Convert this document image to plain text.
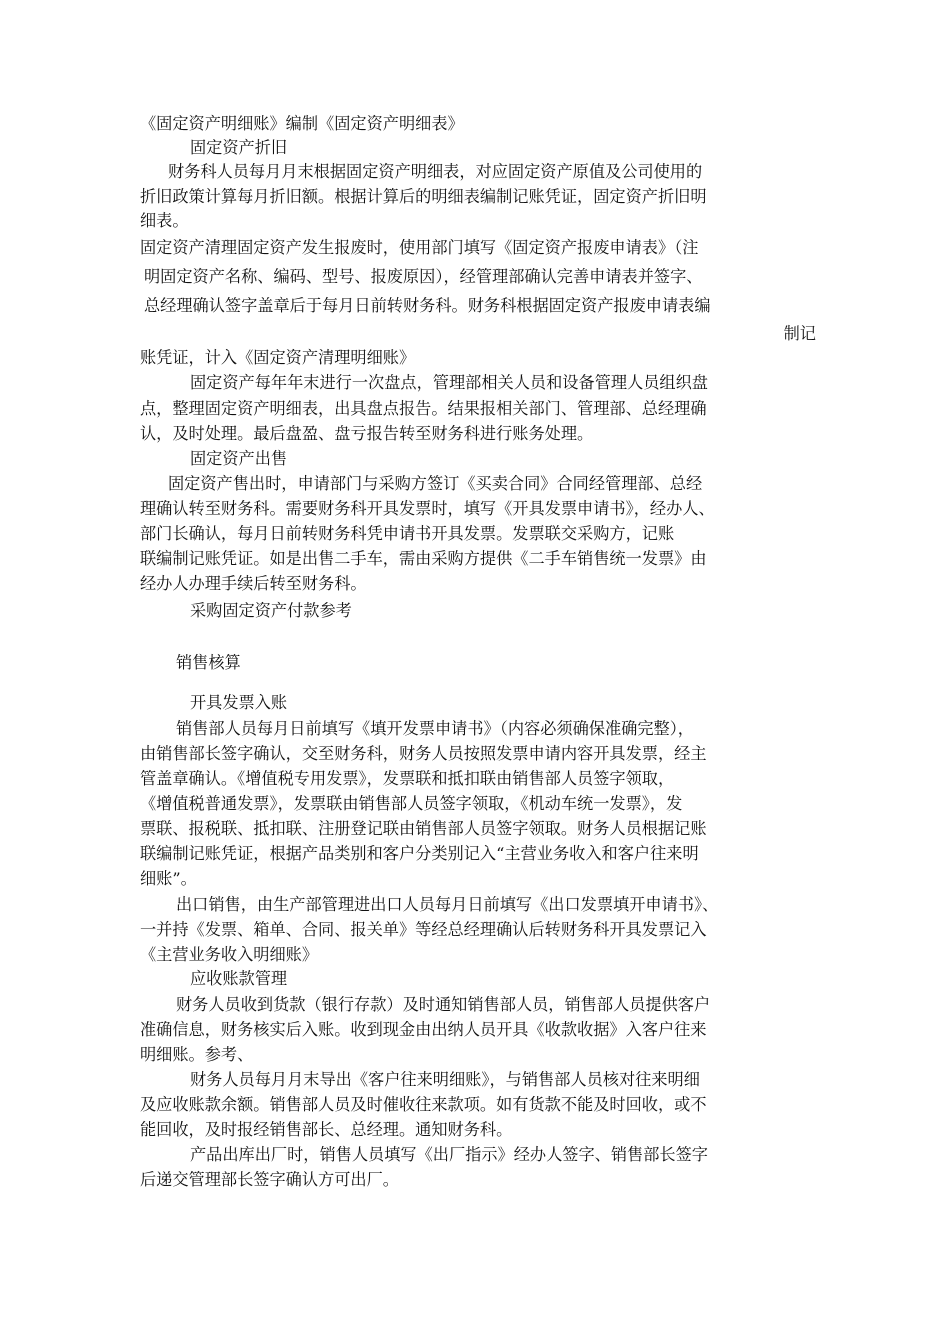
《固定资产明细账》编制《固定资产明细表》
固定资产折旧
财务科人员每月月末根据固定资产明细表，对应固定资产原值及公司使用的
折旧政策计算每月折旧额。根据计算后的明细表编制记账凭证，固定资产折旧明
细表。
固定资产清理固定资产发生报废时，使用部门填写《固定资产报废申请表》（注
明固定资产名称、编码、型号、报废原因），经管理部确认完善申请表并签字、
总经理确认签字盖章后于每月日前转财务科。财务科根据固定资产报废申请表编
制记
账凭证，计入《固定资产清理明细账》
固定资产每年年末进行一次盘点，管理部相关人员和设备管理人员组织盘
点，整理固定资产明细表，出具盘点报告。结果报相关部门、管理部、总经理确
认，及时处理。最后盘盈、盘亏报告转至财务科进行账务处理。
固定资产出售
固定资产售出时，申请部门与采购方签订《买卖合同》合同经管理部、总经
理确认转至财务科。需要财务科开具发票时，填写《开具发票申请书》，经办人、
部门长确认，每月日前转财务科凭申请书开具发票。发票联交采购方，记账
联编制记账凭证。如是出售二手车，需由采购方提供《二手车销售统一发票》由
经办人办理手续后转至财务科。
采购固定资产付款参考
销售核算
开具发票入账
销售部人员每月日前填写《填开发票申请书》（内容必须确保准确完整），
由销售部长签字确认，交至财务科，财务人员按照发票申请内容开具发票，经主
管盖章确认。《增值税专用发票》，发票联和抵扣联由销售部人员签字领取，
《增值税普通发票》，发票联由销售部人员签字领取，《机动车统一发票》，发
票联、报税联、抵扣联、注册登记联由销售部人员签字领取。财务人员根据记账
联编制记账凭证，根据产品类别和客户分类别记入“主营业务收入和客户往来明
细账”。
出口销售，由生产部管理进出口人员每月日前填写《出口发票填开申请书》、
一并持《发票、箱单、合同、报关单》等经总经理确认后转财务科开具发票记入
《主营业务收入明细账》
应收账款管理
财务人员收到货款（银行存款）及时通知销售部人员，销售部人员提供客户
准确信息，财务核实后入账。收到现金由出纳人员开具《收款收据》入客户往来
明细账。参考、
财务人员每月月末导出《客户往来明细账》，与销售部人员核对往来明细
及应收账款余额。销售部人员及时催收往来款项。如有货款不能及时回收，或不
能回收，及时报经销售部长、总经理。通知财务科。
产品出库出厂时，销售人员填写《出厂指示》经办人签字、销售部长签字
后递交管理部长签字确认方可出厂。
